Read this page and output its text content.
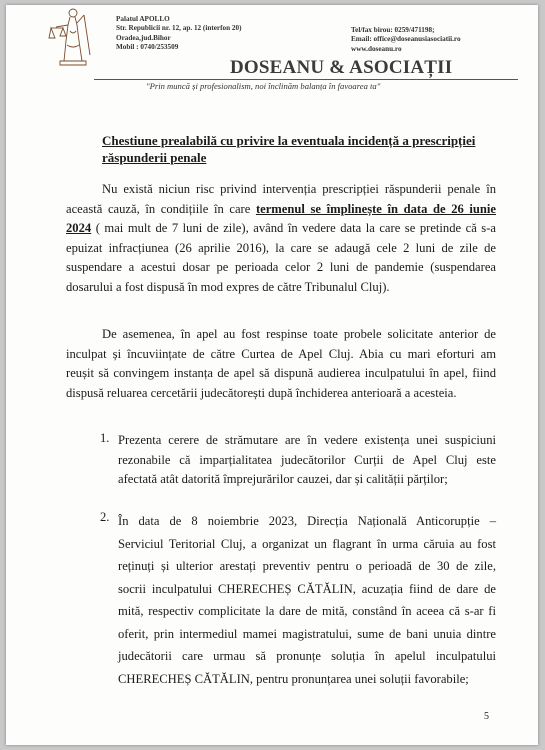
Palatul APOLLO
Str. Republicii nr. 12, ap. 12 (interfon 20)
Oradea,jud.Bihor
Mobil : 0740/253509
Tel/fax birou: 0259/471198;
Email: office@doseanusiasociatii.ro
www.doseanu.ro
DOSEANU & ASOCIAȚII
"Prin muncă și profesionalism, noi înclinăm balanța în favoarea ta"
Chestiune prealabilă cu privire la eventuala incidență a prescripției
răspunderii penale
Nu există niciun risc privind intervenția prescripției răspunderii penale în
această cauză, în condițiile în care termenul se împlinește în data de 26 iunie
2024 ( mai mult de 7 luni de zile), având în vedere data la care se pretinde că s-a
epuizat infracțiunea (26 aprilie 2016), la care se adaugă cele 2 luni de zile de
suspendare a acestui dosar pe perioada celor 2 luni de pandemie (suspendarea
dosarului a fost dispusă în mod expres de către Tribunalul Cluj).
De asemenea, în apel au fost respinse toate probele solicitate anterior de
inculpat și încuviințate de către Curtea de Apel Cluj. Abia cu mari eforturi am
reușit să convingem instanța de apel să dispună audierea inculpatului în apel, fiind
dispusă reluarea cercetării judecătorești după închiderea anterioară a acesteia.
1. Prezenta cerere de strămutare are în vedere existența unei suspiciuni
rezonabile că imparțialitatea judecătorilor Curții de Apel Cluj este
afectată atât datorită împrejurărilor cauzei, dar și calității părților;
2. În data de 8 noiembrie 2023, Direcția Națională Anticorupție –
Serviciul Teritorial Cluj, a organizat un flagrant în urma căruia au fost
reținuți și ulterior arestați preventiv pentru o perioadă de 30 de zile,
socrii inculpatului CHERECHEȘ CĂTĂLIN, acuzația fiind de dare de
mită, respectiv complicitate la dare de mită, constând în aceea că s-ar fi
oferit, prin intermediul mamei magistratului, sume de bani unuia dintre
judecătorii care urmau să pronunțe soluția în apelul inculpatului
CHERECHEȘ CĂTĂLIN, pentru pronunțarea unei soluții favorabile;
5
